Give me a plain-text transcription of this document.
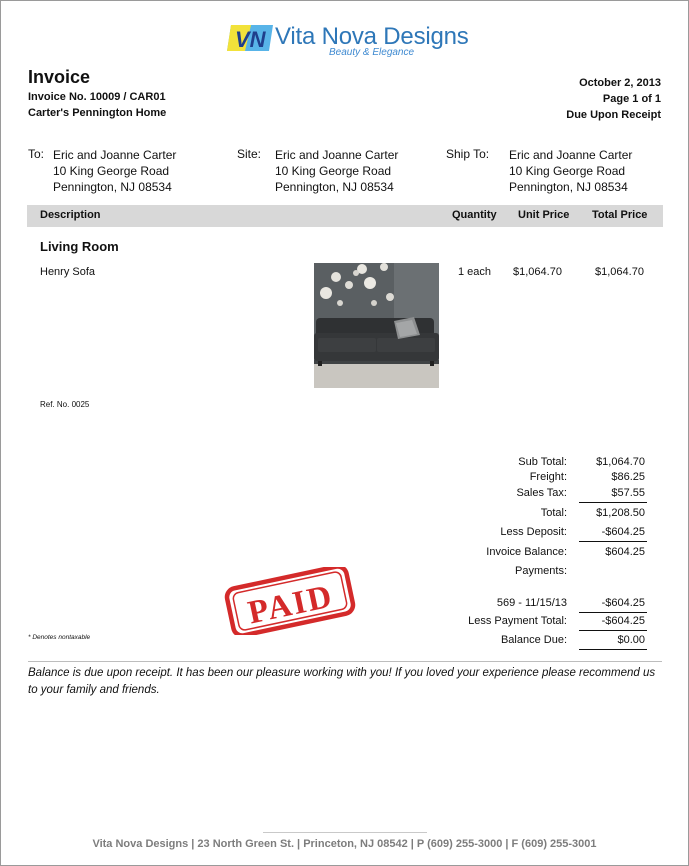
VN Vita Nova Designs
Beauty & Elegance
Invoice
Invoice No. 10009 / CAR01
Carter's Pennington Home
October 2, 2013
Page 1 of 1
Due Upon Receipt
To: Eric and Joanne Carter
10 King George Road
Pennington, NJ 08534
Site: Eric and Joanne Carter
10 King George Road
Pennington, NJ 08534
Ship To: Eric and Joanne Carter
10 King George Road
Pennington, NJ 08534
Description	Quantity Unit Price Total Price
Living Room
Henry Sofa	1 each $1,064.70	$1,064.70
Ref. No. 0025
Sub Total:	$1,064.70
Freight:	$86.25
Sales Tax:	$57.55
Total:	$1,208.50
Less Deposit:	-$604.25
Invoice Balance:	$604.25
Payments:
569 - 11/15/13	-$604.25
Less Payment Total:	-$604.25
Balance Due:	$0.00
PAID
* Denotes nontaxable
Balance is due upon receipt. It has been our pleasure working with you! If you loved your experience please recommend us to your family and friends.
Vita Nova Designs | 23 North Green St. | Princeton, NJ 08542 | P (609) 255-3000 | F (609) 255-3001
